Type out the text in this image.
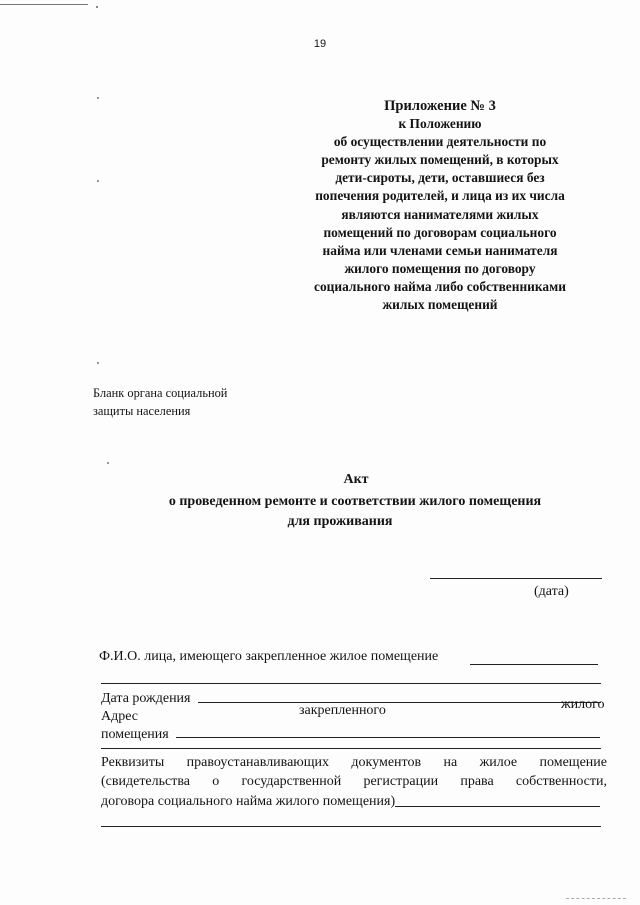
19
Приложение № 3
к Положению
об осуществлении деятельности по
ремонту жилых помещений, в которых
дети-сироты, дети, оставшиеся без
попечения родителей, и лица из их числа
являются нанимателями жилых
помещений по договорам социального
найма или членами семьи нанимателя
жилого помещения по договору
социального найма либо собственниками
жилых помещений
Бланк органа социальной
защиты населения
Акт
о проведенном ремонте и соответствии жилого помещения
для проживания
(дата)
Ф.И.О. лица, имеющего закрепленное жилое помещение
Дата рождения
Адрес	закрепленного	жилого
помещения
Реквизиты правоустанавливающих документов на жилое помещение
(свидетельства о государственной регистрации права собственности,
договора социального найма жилого помещения)
